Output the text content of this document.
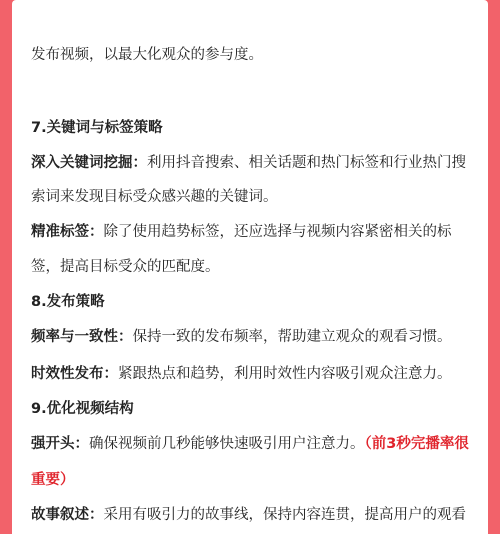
发布视频，以最大化观众的参与度。
7.关键词与标签策略
深入关键词挖掘：利用抖音搜索、相关话题和热门标签和行业热门搜
索词来发现目标受众感兴趣的关键词。
精准标签：除了使用趋势标签，还应选择与视频内容紧密相关的标
签，提高目标受众的匹配度。
8.发布策略
频率与一致性：保持一致的发布频率，帮助建立观众的观看习惯。
时效性发布：紧跟热点和趋势，利用时效性内容吸引观众注意力。
9.优化视频结构
强开头：确保视频前几秒能够快速吸引用户注意力。（前3秒完播率很
重要）
故事叙述：采用有吸引力的故事线，保持内容连贯，提高用户的观看
